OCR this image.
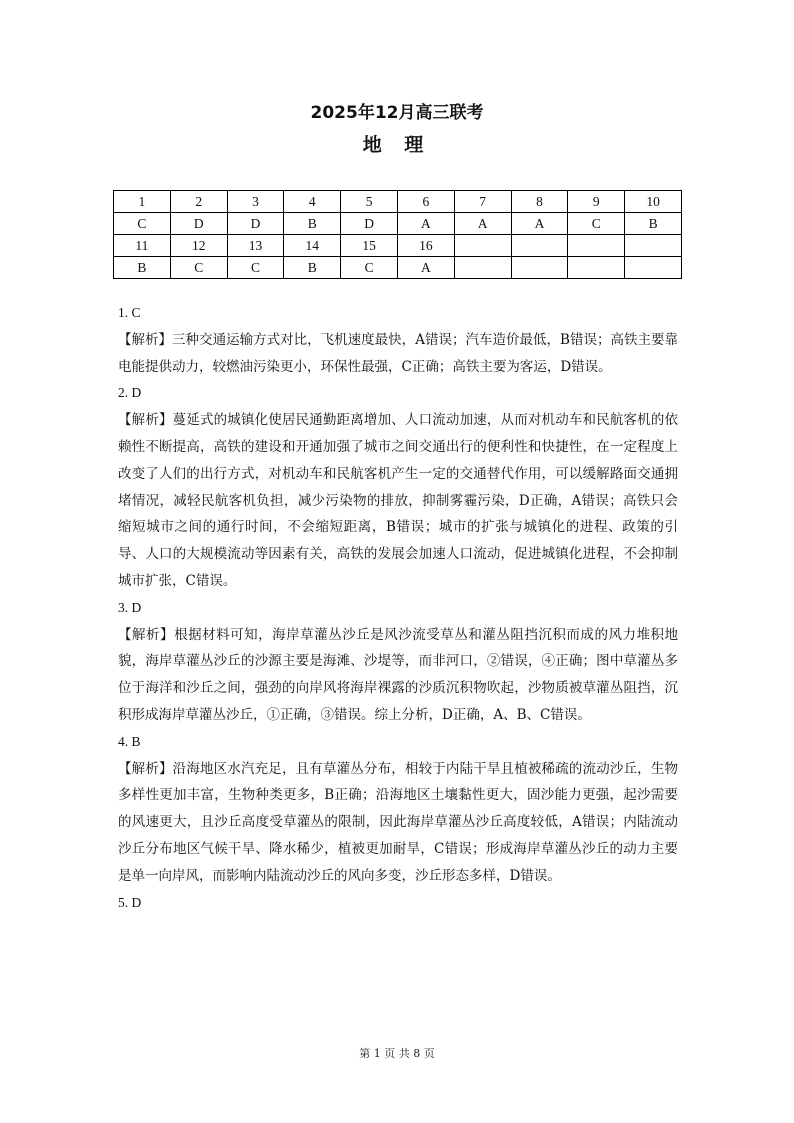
2025年12月高三联考
地 理
1	2	3	4	5	6	7	8	9	10
C	D	D	B	D	A	A	A	C	B
11	12	13	14	15	16				
B	C	C	B	C	A				

1. C

【解析】三种交通运输方式对比，飞机速度最快，A错误；汽车造价最低，B错误；高铁主要靠电能提供动力，较燃油污染更小，环保性最强，C正确；高铁主要为客运，D错误。

2. D

【解析】蔓延式的城镇化使居民通勤距离增加、人口流动加速，从而对机动车和民航客机的依赖性不断提高，高铁的建设和开通加强了城市之间交通出行的便利性和快捷性，在一定程度上改变了人们的出行方式，对机动车和民航客机产生一定的交通替代作用，可以缓解路面交通拥堵情况，减轻民航客机负担，减少污染物的排放，抑制雾霾污染，D正确，A错误；高铁只会缩短城市之间的通行时间，不会缩短距离，B错误；城市的扩张与城镇化的进程、政策的引导、人口的大规模流动等因素有关，高铁的发展会加速人口流动，促进城镇化进程，不会抑制城市扩张，C错误。

3. D

【解析】根据材料可知，海岸草灌丛沙丘是风沙流受草丛和灌丛阻挡沉积而成的风力堆积地貌，海岸草灌丛沙丘的沙源主要是海滩、沙堤等，而非河口，②错误，④正确；图中草灌丛多位于海洋和沙丘之间，强劲的向岸风将海岸裸露的沙质沉积物吹起，沙物质被草灌丛阻挡，沉积形成海岸草灌丛沙丘，①正确，③错误。综上分析，D正确，A、B、C错误。

4. B

【解析】沿海地区水汽充足，且有草灌丛分布，相较于内陆干旱且植被稀疏的流动沙丘，生物多样性更加丰富，生物种类更多，B正确；沿海地区土壤黏性更大，固沙能力更强，起沙需要的风速更大，且沙丘高度受草灌丛的限制，因此海岸草灌丛沙丘高度较低，A错误；内陆流动沙丘分布地区气候干旱、降水稀少，植被更加耐旱，C错误；形成海岸草灌丛沙丘的动力主要是单一向岸风，而影响内陆流动沙丘的风向多变，沙丘形态多样，D错误。

5. D

第 1 页 共 8 页
